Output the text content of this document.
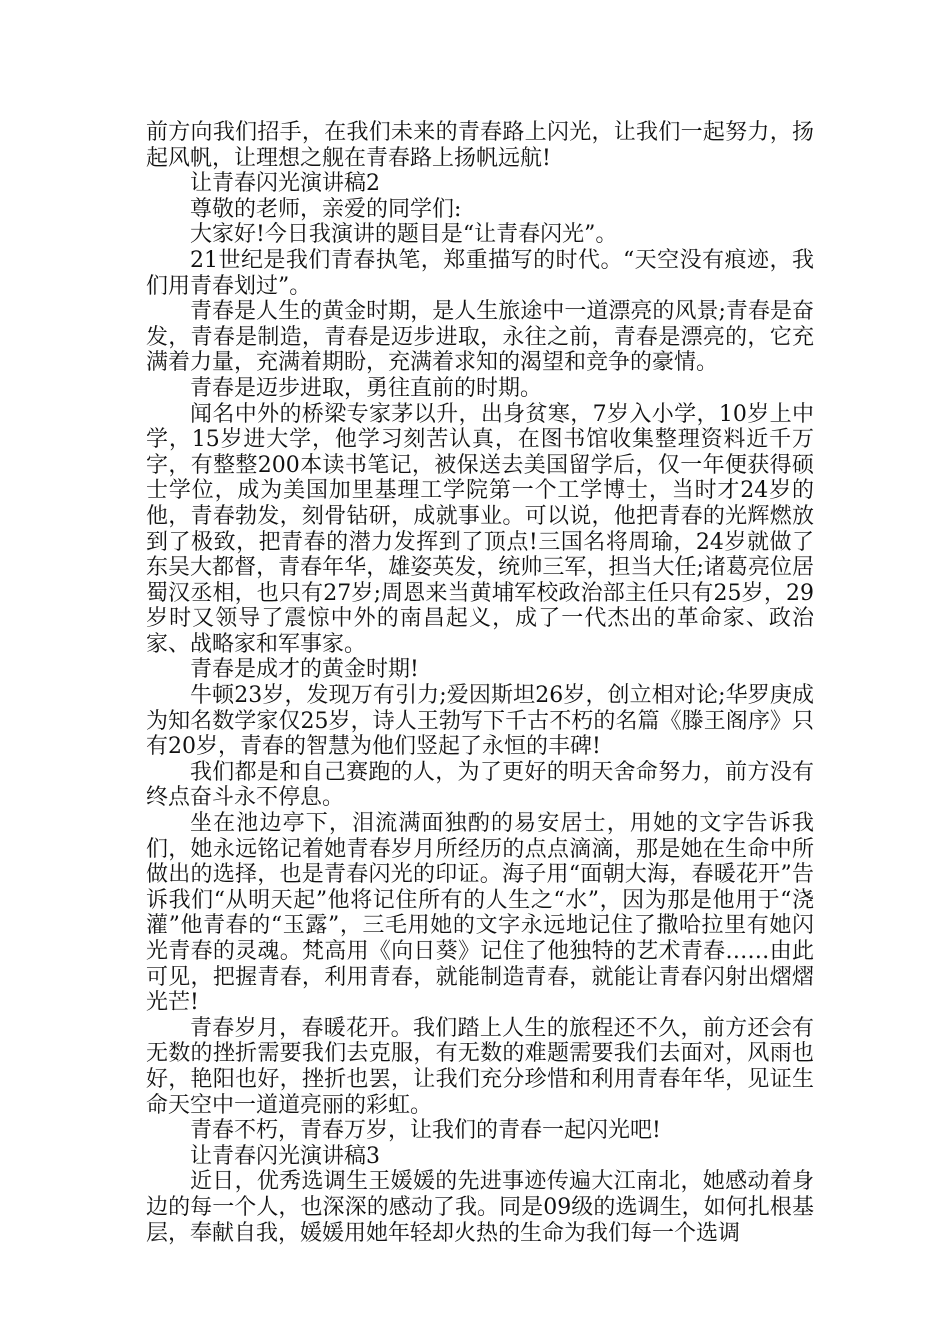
前方向我们招手，在我们未来的青春路上闪光，让我们一起努力，扬起风帆，让理想之舰在青春路上扬帆远航!

让青春闪光演讲稿2

尊敬的老师，亲爱的同学们:

大家好!今日我演讲的题目是“让青春闪光”。

21世纪是我们青春执笔，郑重描写的时代。“天空没有痕迹，我们用青春划过”。

青春是人生的黄金时期，是人生旅途中一道漂亮的风景;青春是奋发，青春是制造，青春是迈步进取，永往之前，青春是漂亮的，它充满着力量，充满着期盼，充满着求知的渴望和竞争的豪情。

青春是迈步进取，勇往直前的时期。

闻名中外的桥梁专家茅以升，出身贫寒，7岁入小学，10岁上中学，15岁进大学，他学习刻苦认真，在图书馆收集整理资料近千万字，有整整200本读书笔记，被保送去美国留学后，仅一年便获得硕士学位，成为美国加里基理工学院第一个工学博士，当时才24岁的他，青春勃发，刻骨钻研，成就事业。可以说，他把青春的光辉燃放到了极致，把青春的潜力发挥到了顶点!三国名将周瑜，24岁就做了东吴大都督，青春年华，雄姿英发，统帅三军，担当大任;诸葛亮位居蜀汉丞相，也只有27岁;周恩来当黄埔军校政治部主任只有25岁，29岁时又领导了震惊中外的南昌起义，成了一代杰出的革命家、政治家、战略家和军事家。

青春是成才的黄金时期!

牛顿23岁，发现万有引力;爱因斯坦26岁，创立相对论;华罗庚成为知名数学家仅25岁，诗人王勃写下千古不朽的名篇《滕王阁序》只有20岁，青春的智慧为他们竖起了永恒的丰碑!

我们都是和自己赛跑的人，为了更好的明天舍命努力，前方没有终点奋斗永不停息。

坐在池边亭下，泪流满面独酌的易安居士，用她的文字告诉我们，她永远铭记着她青春岁月所经历的点点滴滴，那是她在生命中所做出的选择，也是青春闪光的印证。海子用“面朝大海，春暖花开”告诉我们“从明天起”他将记住所有的人生之“水”，因为那是他用于“浇灌”他青春的“玉露”，三毛用她的文字永远地记住了撒哈拉里有她闪光青春的灵魂。梵高用《向日葵》记住了他独特的艺术青春……由此可见，把握青春，利用青春，就能制造青春，就能让青春闪射出熠熠光芒!

青春岁月，春暖花开。我们踏上人生的旅程还不久，前方还会有无数的挫折需要我们去克服，有无数的难题需要我们去面对，风雨也好，艳阳也好，挫折也罢，让我们充分珍惜和利用青春年华，见证生命天空中一道道亮丽的彩虹。

青春不朽，青春万岁，让我们的青春一起闪光吧!

让青春闪光演讲稿3

近日，优秀选调生王媛媛的先进事迹传遍大江南北，她感动着身边的每一个人，也深深的感动了我。同是09级的选调生，如何扎根基层，奉献自我，媛媛用她年轻却火热的生命为我们每一个选调
